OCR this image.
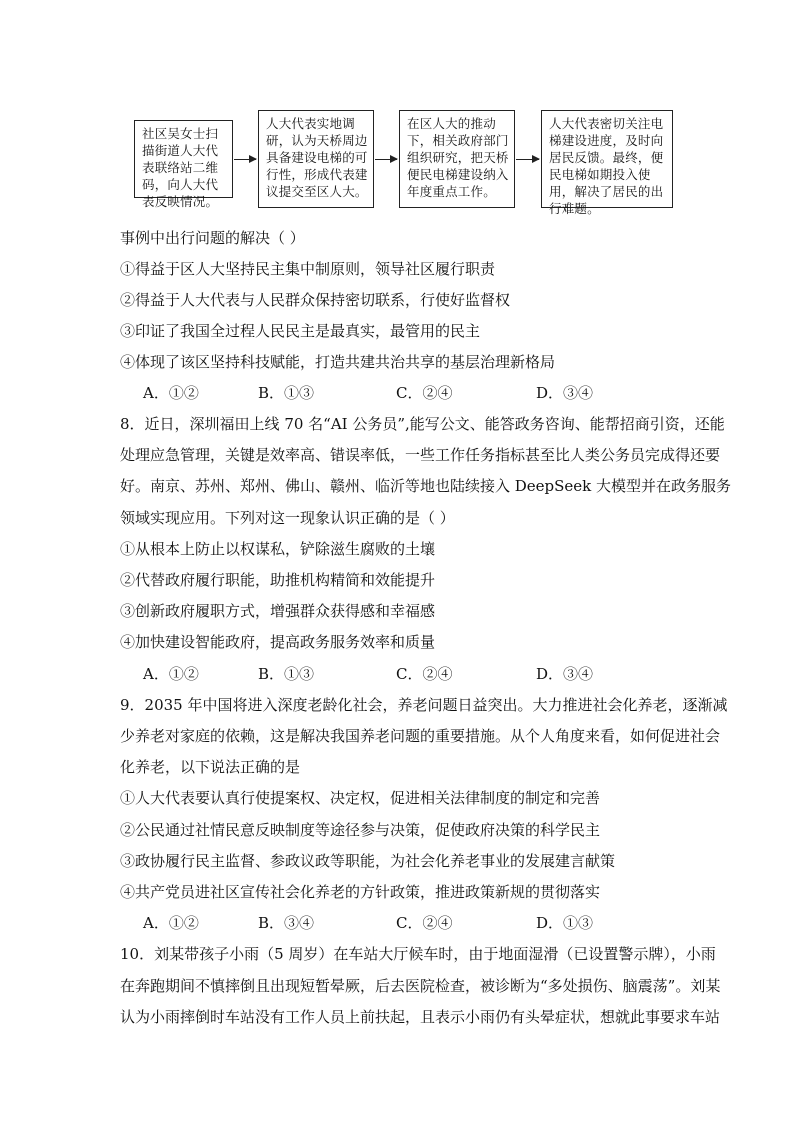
社区吴女士扫描街道人大代表联络站二维码，向人大代表反映情况。
人大代表实地调研，认为天桥周边具备建设电梯的可行性，形成代表建议提交至区人大。
在区人大的推动下，相关政府部门组织研究，把天桥便民电梯建设纳入年度重点工作。
人大代表密切关注电梯建设进度，及时向居民反馈。最终，便民电梯如期投入使用，解决了居民的出行难题。
事例中出行问题的解决（ ）
①得益于区人大坚持民主集中制原则，领导社区履行职责
②得益于人大代表与人民群众保持密切联系，行使好监督权
③印证了我国全过程人民民主是最真实，最管用的民主
④体现了该区坚持科技赋能，打造共建共治共享的基层治理新格局
A．①②	B．①③	C．②④	D．③④
8．近日，深圳福田上线 70 名“AI 公务员”,能写公文、能答政务咨询、能帮招商引资，还能
处理应急管理，关键是效率高、错误率低，一些工作任务指标甚至比人类公务员完成得还要
好。南京、苏州、郑州、佛山、赣州、临沂等地也陆续接入 DeepSeek 大模型并在政务服务
领域实现应用。下列对这一现象认识正确的是（ ）
①从根本上防止以权谋私，铲除滋生腐败的土壤
②代替政府履行职能，助推机构精简和效能提升
③创新政府履职方式，增强群众获得感和幸福感
④加快建设智能政府，提高政务服务效率和质量
A．①②	B．①③	C．②④	D．③④
9．2035 年中国将进入深度老龄化社会，养老问题日益突出。大力推进社会化养老，逐渐减
少养老对家庭的依赖，这是解决我国养老问题的重要措施。从个人角度来看，如何促进社会
化养老，以下说法正确的是
①人大代表要认真行使提案权、决定权，促进相关法律制度的制定和完善
②公民通过社情民意反映制度等途径参与决策，促使政府决策的科学民主
③政协履行民主监督、参政议政等职能，为社会化养老事业的发展建言献策
④共产党员进社区宣传社会化养老的方针政策，推进政策新规的贯彻落实
A．①②	B．③④	C．②④	D．①③
10．刘某带孩子小雨（5 周岁）在车站大厅候车时，由于地面湿滑（已设置警示牌），小雨
在奔跑期间不慎摔倒且出现短暂晕厥，后去医院检查，被诊断为“多处损伤、脑震荡”。刘某
认为小雨摔倒时车站没有工作人员上前扶起，且表示小雨仍有头晕症状，想就此事要求车站
